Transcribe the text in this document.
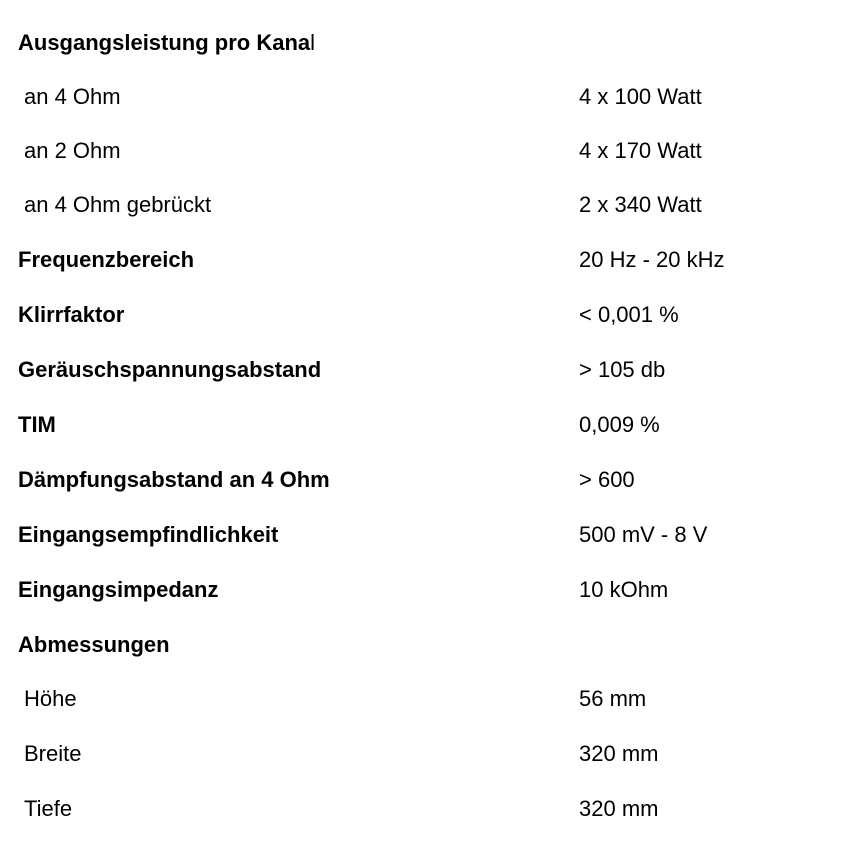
Ausgangsleistung pro Kanal
an 4 Ohm	4 x 100 Watt
an 2 Ohm	4 x 170 Watt
an 4 Ohm gebrückt	2 x 340 Watt
Frequenzbereich	20 Hz - 20 kHz
Klirrfaktor	< 0,001 %
Geräuschspannungsabstand	> 105 db
TIM	0,009 %
Dämpfungsabstand an 4 Ohm	> 600
Eingangsempfindlichkeit	500 mV - 8 V
Eingangsimpedanz	10 kOhm
Abmessungen
Höhe	56 mm
Breite	320 mm
Tiefe	320 mm
